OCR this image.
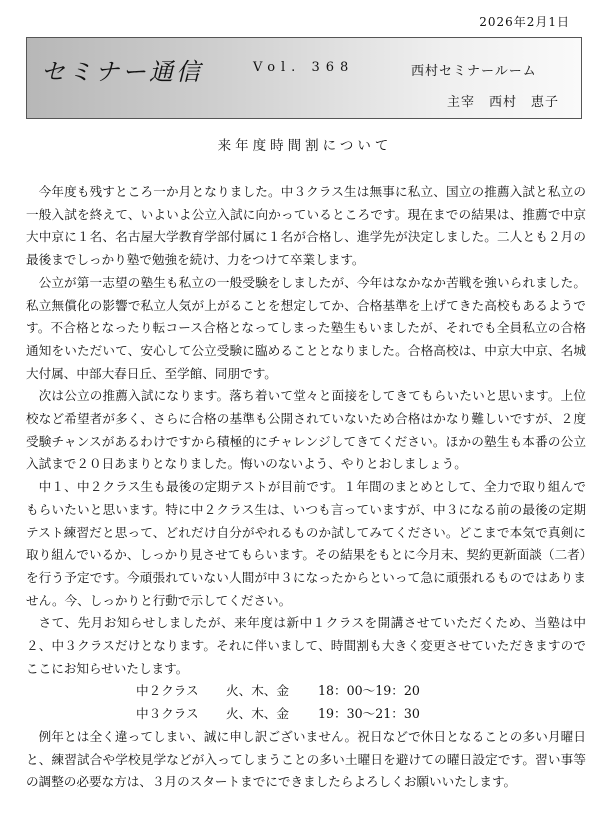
2026年2月1日
セミナー通信	Vol. 368	西村セミナールーム
主宰 西村　恵子
来年度時間割について

今年度も残すところ一か月となりました。中３クラス生は無事に私立、国立の推薦入試と私立の一般入試を終えて、いよいよ公立入試に向かっているところです。現在までの結果は、推薦で中京大中京に１名、名古屋大学教育学部付属に１名が合格し、進学先が決定しました。二人とも２月の最後までしっかり塾で勉強を続け、力をつけて卒業します。

公立が第一志望の塾生も私立の一般受験をしましたが、今年はなかなか苦戦を強いられました。私立無償化の影響で私立人気が上がることを想定してか、合格基準を上げてきた高校もあるようです。不合格となったり転コース合格となってしまった塾生もいましたが、それでも全員私立の合格通知をいただいて、安心して公立受験に臨めることとなりました。合格高校は、中京大中京、名城大付属、中部大春日丘、至学館、同朋です。

次は公立の推薦入試になります。落ち着いて堂々と面接をしてきてもらいたいと思います。上位校など希望者が多く、さらに合格の基準も公開されていないため合格はかなり難しいですが、２度受験チャンスがあるわけですから積極的にチャレンジしてきてください。ほかの塾生も本番の公立入試まで２０日あまりとなりました。悔いのないよう、やりとおしましょう。

中１、中２クラス生も最後の定期テストが目前です。１年間のまとめとして、全力で取り組んでもらいたいと思います。特に中２クラス生は、いつも言っていますが、中３になる前の最後の定期テスト練習だと思って、どれだけ自分がやれるものか試してみてください。どこまで本気で真剣に取り組んでいるか、しっかり見させてもらいます。その結果をもとに今月末、契約更新面談（二者）を行う予定です。今頑張れていない人間が中３になったからといって急に頑張れるものではありません。今、しっかりと行動で示してください。

さて、先月お知らせしましたが、来年度は新中１クラスを開講させていただくため、当塾は中２、中３クラスだけとなります。それに伴いまして、時間割も大きく変更させていただきますのでここにお知らせいたします。

中２クラス	火、木、金	18：00～19：20
中３クラス	火、木、金	19：30～21：30

例年とは全く違ってしまい、誠に申し訳ございません。祝日などで休日となることの多い月曜日と、練習試合や学校見学などが入ってしまうことの多い土曜日を避けての曜日設定です。習い事等の調整の必要な方は、３月のスタートまでにできましたらよろしくお願いいたします。
